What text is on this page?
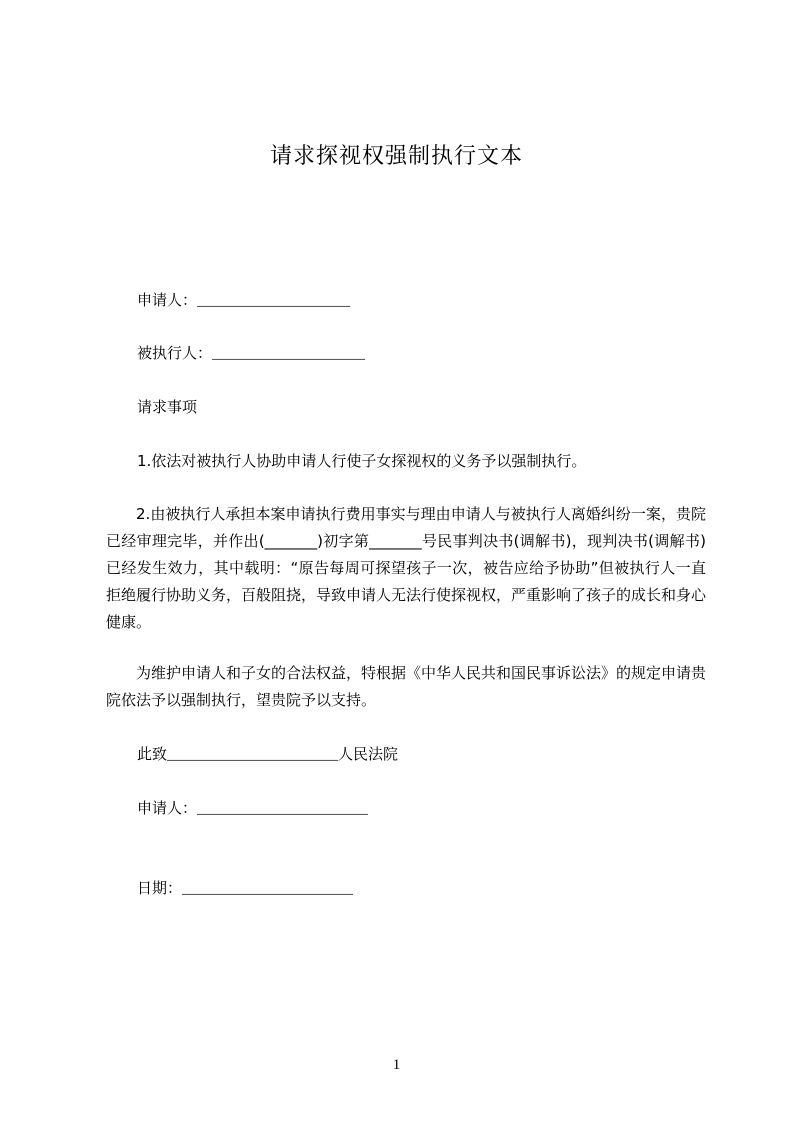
请求探视权强制执行文本
申请人：_________________
被执行人：_________________
请求事项
1.依法对被执行人协助申请人行使子女探视权的义务予以强制执行。
2.由被执行人承担本案申请执行费用事实与理由申请人与被执行人离婚纠纷一案，贵院已经审理完毕，并作出(_______)初字第_______号民事判决书(调解书)，现判决书(调解书)已经发生效力，其中载明：“原告每周可探望孩子一次，被告应给予协助”但被执行人一直拒绝履行协助义务，百般阻挠，导致申请人无法行使探视权，严重影响了孩子的成长和身心健康。
为维护申请人和子女的合法权益，特根据《中华人民共和国民事诉讼法》的规定申请贵院依法予以强制执行，望贵院予以支持。
此致___________________人民法院
申请人：___________________
日期：___________________
1
